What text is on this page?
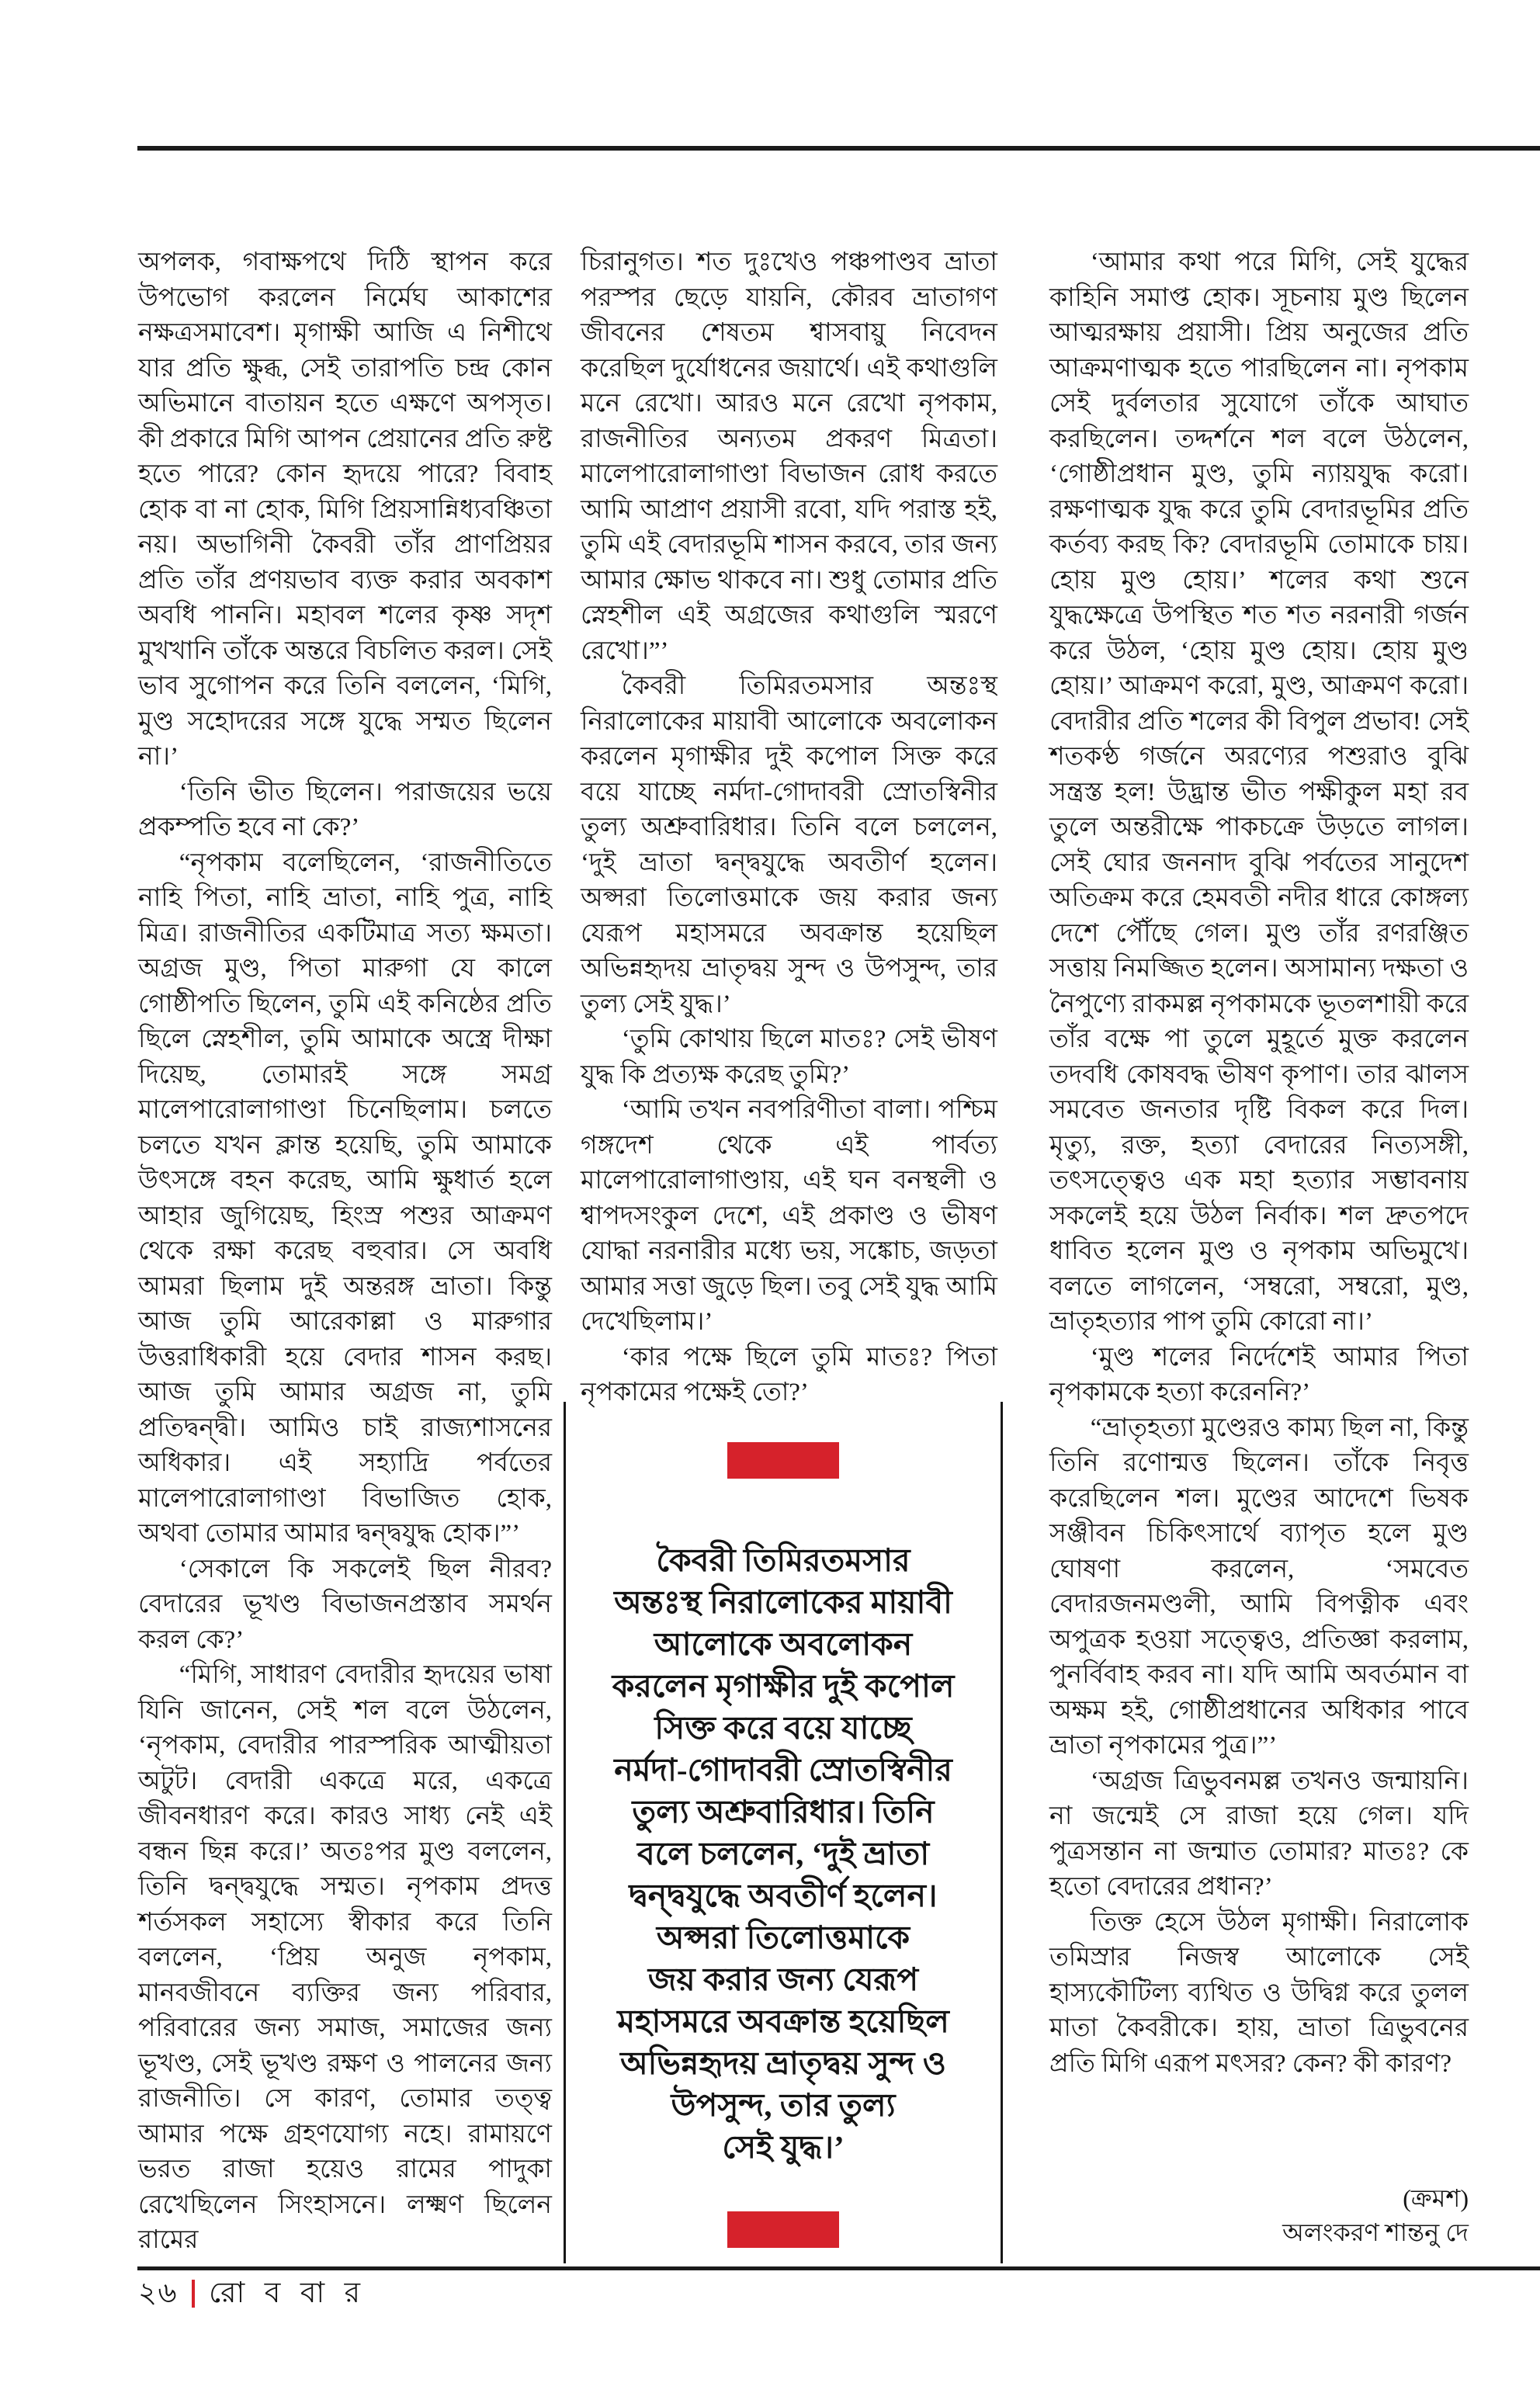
অপলক, গবাক্ষপথে দিঠি স্থাপন করে উপভোগ করলেন নির্মেঘ আকাশের নক্ষত্রসমাবেশ। মৃগাক্ষী আজি এ নিশীথে যার প্রতি ক্ষুব্ধ, সেই তারাপতি চন্দ্র কোন অভিমানে বাতায়ন হতে এক্ষণে অপসৃত। কী প্রকারে মিগি আপন প্রেয়ানের প্রতি রুষ্ট হতে পারে? কোন হৃদয়ে পারে? বিবাহ হোক বা না হোক, মিগি প্রিয়সান্নিধ্যবঞ্চিতা নয়। অভাগিনী কৈবরী তাঁর প্রাণপ্রিয়র প্রতি তাঁর প্রণয়ভাব ব্যক্ত করার অবকাশ অবধি পাননি। মহাবল শলের কৃষ্ণ সদৃশ মুখখানি তাঁকে অন্তরে বিচলিত করল। সেই ভাব সুগোপন করে তিনি বললেন, ‘মিগি, মুণ্ড সহোদরের সঙ্গে যুদ্ধে সম্মত ছিলেন না।’

‘তিনি ভীত ছিলেন। পরাজয়ের ভয়ে প্রকম্পতি হবে না কে?’

“নৃপকাম বলেছিলেন, ‘রাজনীতিতে নাহি পিতা, নাহি ভ্রাতা, নাহি পুত্র, নাহি মিত্র। রাজনীতির একটিমাত্র সত্য ক্ষমতা। অগ্রজ মুণ্ড, পিতা মারুগা যে কালে গোষ্ঠীপতি ছিলেন, তুমি এই কনিষ্ঠের প্রতি ছিলে স্নেহশীল, তুমি আমাকে অস্ত্রে দীক্ষা দিয়েছ, তোমারই সঙ্গে সমগ্র মালেপারোলাগাণ্ডা চিনেছিলাম। চলতে চলতে যখন ক্লান্ত হয়েছি, তুমি আমাকে উৎসঙ্গে বহন করেছ, আমি ক্ষুধার্ত হলে আহার জুগিয়েছ, হিংস্র পশুর আক্রমণ থেকে রক্ষা করেছ বহুবার। সে অবধি আমরা ছিলাম দুই অন্তরঙ্গ ভ্রাতা। কিন্তু আজ তুমি আরেকাল্লা ও মারুগার উত্তরাধিকারী হয়ে বেদার শাসন করছ। আজ তুমি আমার অগ্রজ না, তুমি প্রতিদ্বন্দ্বী। আমিও চাই রাজ্যশাসনের অধিকার। এই সহ্যাদ্রি পর্বতের মালেপারোলাগাণ্ডা বিভাজিত হোক, অথবা তোমার আমার দ্বন্দ্বযুদ্ধ হোক।”’

‘সেকালে কি সকলেই ছিল নীরব? বেদারের ভূখণ্ড বিভাজনপ্রস্তাব সমর্থন করল কে?’

“মিগি, সাধারণ বেদারীর হৃদয়ের ভাষা যিনি জানেন, সেই শল বলে উঠলেন, ‘নৃপকাম, বেদারীর পারস্পরিক আত্মীয়তা অটুট। বেদারী একত্রে মরে, একত্রে জীবনধারণ করে। কারও সাধ্য নেই এই বন্ধন ছিন্ন করে।’ অতঃপর মুণ্ড বললেন, তিনি দ্বন্দ্বযুদ্ধে সম্মত। নৃপকাম প্রদত্ত শর্তসকল সহাস্যে স্বীকার করে তিনি বললেন, ‘প্রিয় অনুজ নৃপকাম, মানবজীবনে ব্যক্তির জন্য পরিবার, পরিবারের জন্য সমাজ, সমাজের জন্য ভূখণ্ড, সেই ভূখণ্ড রক্ষণ ও পালনের জন্য রাজনীতি। সে কারণ, তোমার তত্ত্ব আমার পক্ষে গ্রহণযোগ্য নহে। রামায়ণে ভরত রাজা হয়েও রামের পাদুকা রেখেছিলেন সিংহাসনে। লক্ষ্মণ ছিলেন রামের

চিরানুগত। শত দুঃখেও পঞ্চপাণ্ডব ভ্রাতা পরস্পর ছেড়ে যায়নি, কৌরব ভ্রাতাগণ জীবনের শেষতম শ্বাসবায়ু নিবেদন করেছিল দুর্যোধনের জয়ার্থে। এই কথাগুলি মনে রেখো। আরও মনে রেখো নৃপকাম, রাজনীতির অন্যতম প্রকরণ মিত্রতা। মালেপারোলাগাণ্ডা বিভাজন রোধ করতে আমি আপ্রাণ প্রয়াসী রবো, যদি পরাস্ত হই, তুমি এই বেদারভূমি শাসন করবে, তার জন্য আমার ক্ষোভ থাকবে না। শুধু তোমার প্রতি স্নেহশীল এই অগ্রজের কথাগুলি স্মরণে রেখো।”’

কৈবরী তিমিরতমসার অন্তঃস্থ নিরালোকের মায়াবী আলোকে অবলোকন করলেন মৃগাক্ষীর দুই কপোল সিক্ত করে বয়ে যাচ্ছে নর্মদা-গোদাবরী স্রোতস্বিনীর তুল্য অশ্রুবারিধার। তিনি বলে চললেন, ‘দুই ভ্রাতা দ্বন্দ্বযুদ্ধে অবতীর্ণ হলেন। অপ্সরা তিলোত্তমাকে জয় করার জন্য যেরূপ মহাসমরে অবক্রান্ত হয়েছিল অভিন্নহৃদয় ভ্রাতৃদ্বয় সুন্দ ও উপসুন্দ, তার তুল্য সেই যুদ্ধ।’

‘তুমি কোথায় ছিলে মাতঃ? সেই ভীষণ যুদ্ধ কি প্রত্যক্ষ করেছ তুমি?’

‘আমি তখন নবপরিণীতা বালা। পশ্চিম গঙ্গদেশ থেকে এই পার্বত্য মালেপারোলাগাণ্ডায়, এই ঘন বনস্থলী ও শ্বাপদসংকুল দেশে, এই প্রকাণ্ড ও ভীষণ যোদ্ধা নরনারীর মধ্যে ভয়, সঙ্কোচ, জড়তা আমার সত্তা জুড়ে ছিল। তবু সেই যুদ্ধ আমি দেখেছিলাম।’

‘কার পক্ষে ছিলে তুমি মাতঃ? পিতা নৃপকামের পক্ষেই তো?’

‘আমার কথা পরে মিগি, সেই যুদ্ধের কাহিনি সমাপ্ত হোক। সূচনায় মুণ্ড ছিলেন আত্মরক্ষায় প্রয়াসী। প্রিয় অনুজের প্রতি আক্রমণাত্মক হতে পারছিলেন না। নৃপকাম সেই দুর্বলতার সুযোগে তাঁকে আঘাত করছিলেন। তদ্দর্শনে শল বলে উঠলেন, ‘গোষ্ঠীপ্রধান মুণ্ড, তুমি ন্যায়যুদ্ধ করো। রক্ষণাত্মক যুদ্ধ করে তুমি বেদারভূমির প্রতি কর্তব্য করছ কি? বেদারভূমি তোমাকে চায়। হোয় মুণ্ড হোয়।’ শলের কথা শুনে যুদ্ধক্ষেত্রে উপস্থিত শত শত নরনারী গর্জন করে উঠল, ‘হোয় মুণ্ড হোয়। হোয় মুণ্ড হোয়।’ আক্রমণ করো, মুণ্ড, আক্রমণ করো। বেদারীর প্রতি শলের কী বিপুল প্রভাব! সেই শতকণ্ঠ গর্জনে অরণ্যের পশুরাও বুঝি সন্ত্রস্ত হল! উদ্ভ্রান্ত ভীত পক্ষীকুল মহা রব তুলে অন্তরীক্ষে পাকচক্রে উড়তে লাগল। সেই ঘোর জননাদ বুঝি পর্বতের সানুদেশ অতিক্রম করে হেমবতী নদীর ধারে কোঙ্গল্য দেশে পৌঁছে গেল। মুণ্ড তাঁর রণরঞ্জিত সত্তায় নিমজ্জিত হলেন। অসামান্য দক্ষতা ও নৈপুণ্যে রাকমল্ল নৃপকামকে ভূতলশায়ী করে তাঁর বক্ষে পা তুলে মুহূর্তে মুক্ত করলেন তদবধি কোষবদ্ধ ভীষণ কৃপাণ। তার ঝালস সমবেত জনতার দৃষ্টি বিকল করে দিল। মৃত্যু, রক্ত, হত্যা বেদারের নিত্যসঙ্গী, তৎসত্ত্বেও এক মহা হত্যার সম্ভাবনায় সকলেই হয়ে উঠল নির্বাক। শল দ্রুতপদে ধাবিত হলেন মুণ্ড ও নৃপকাম অভিমুখে। বলতে লাগলেন, ‘সম্বরো, সম্বরো, মুণ্ড, ভ্রাতৃহত্যার পাপ তুমি কোরো না।’

‘মুণ্ড শলের নির্দেশেই আমার পিতা নৃপকামকে হত্যা করেননি?’

“ভ্রাতৃহত্যা মুণ্ডেরও কাম্য ছিল না, কিন্তু তিনি রণোন্মত্ত ছিলেন। তাঁকে নিবৃত্ত করেছিলেন শল। মুণ্ডের আদেশে ভিষক সঞ্জীবন চিকিৎসার্থে ব্যাপৃত হলে মুণ্ড ঘোষণা করলেন, ‘সমবেত বেদারজনমণ্ডলী, আমি বিপত্নীক এবং অপুত্রক হওয়া সত্ত্বেও, প্রতিজ্ঞা করলাম, পুনর্বিবাহ করব না। যদি আমি অবর্তমান বা অক্ষম হই, গোষ্ঠীপ্রধানের অধিকার পাবে ভ্রাতা নৃপকামের পুত্র।”’

‘অগ্রজ ত্রিভুবনমল্ল তখনও জন্মায়নি। না জন্মেই সে রাজা হয়ে গেল। যদি পুত্রসন্তান না জন্মাত তোমার? মাতঃ? কে হতো বেদারের প্রধান?’

তিক্ত হেসে উঠল মৃগাক্ষী। নিরালোক তমিস্রার নিজস্ব আলোকে সেই হাস্যকৌটিল্য ব্যথিত ও উদ্বিগ্ন করে তুলল মাতা কৈবরীকে। হায়, ভ্রাতা ত্রিভুবনের প্রতি মিগি এরূপ মৎসর? কেন? কী কারণ?

(ক্রমশ)
অলংকরণ শান্তনু দে
কৈবরী তিমিরতমসার
অন্তঃস্থ নিরালোকের মায়াবী
আলোকে অবলোকন
করলেন মৃগাক্ষীর দুই কপোল
সিক্ত করে বয়ে যাচ্ছে
নর্মদা-গোদাবরী স্রোতস্বিনীর
তুল্য অশ্রুবারিধার। তিনি
বলে চললেন, ‘দুই ভ্রাতা
দ্বন্দ্বযুদ্ধে অবতীর্ণ হলেন।
অপ্সরা তিলোত্তমাকে
জয় করার জন্য যেরূপ
মহাসমরে অবক্রান্ত হয়েছিল
অভিন্নহৃদয় ভ্রাতৃদ্বয় সুন্দ ও
উপসুন্দ, তার তুল্য
সেই যুদ্ধ।’
২৬ রো ব বা র
